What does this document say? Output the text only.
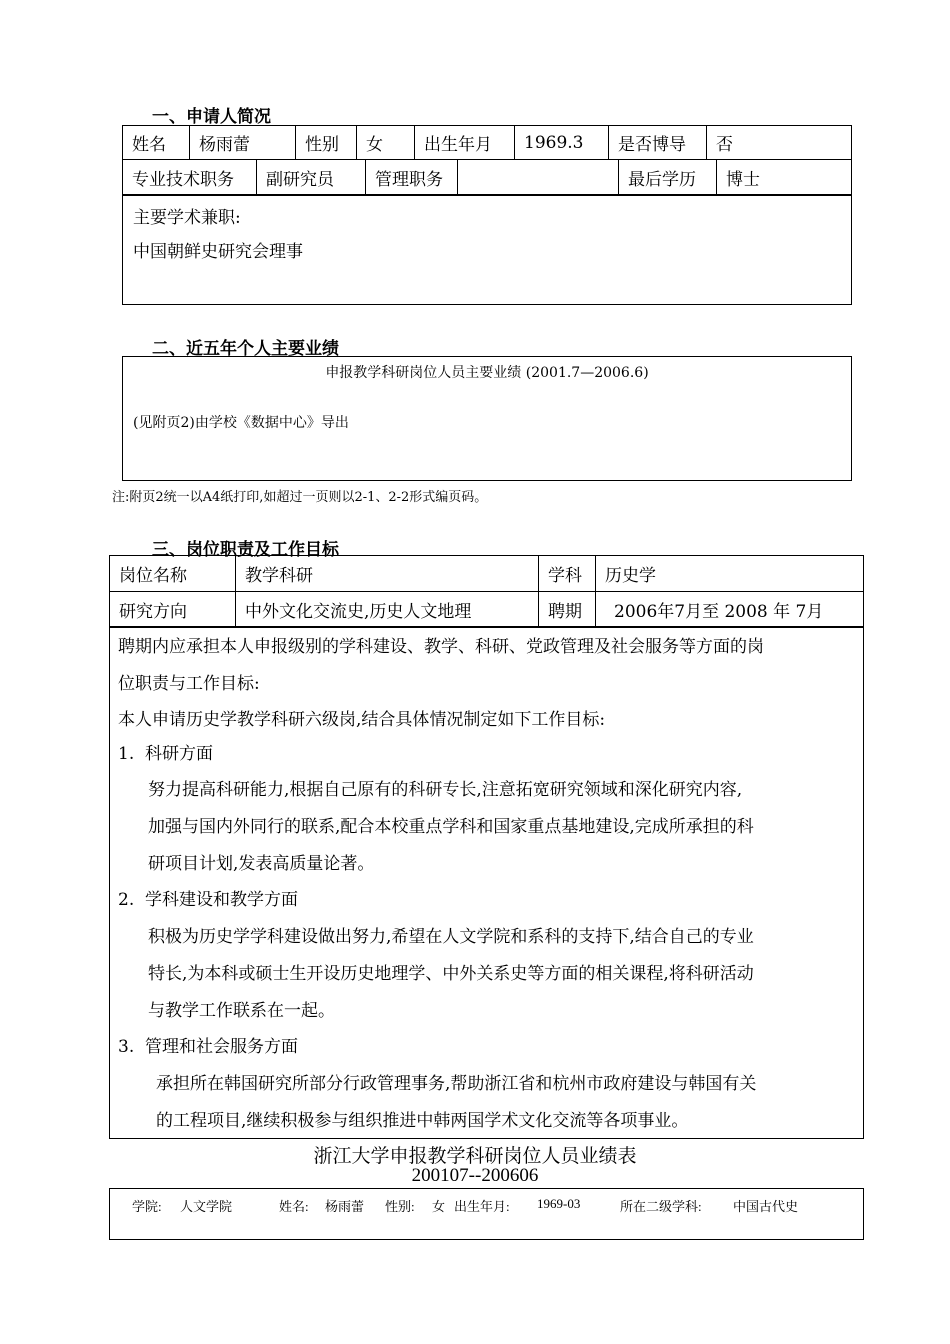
一、申请人简况
姓名	杨雨蕾	性别	女	出生年月	1969.3	是否博导	否
专业技术职务	副研究员	管理职务		最后学历	博士
主要学术兼职:
中国朝鲜史研究会理事
二、近五年个人主要业绩
申报教学科研岗位人员主要业绩 (2001.7—2006.6)
(见附页2)由学校《数据中心》导出
注:附页2统一以A4纸打印,如超过一页则以2-1、2-2形式编页码。
三、岗位职责及工作目标
岗位名称	教学科研	学科	历史学
研究方向	中外文化交流史,历史人文地理	聘期	2006年7月至 2008 年 7月
聘期内应承担本人申报级别的学科建设、教学、科研、党政管理及社会服务等方面的岗
位职责与工作目标:
本人申请历史学教学科研六级岗,结合具体情况制定如下工作目标:
1.  科研方面
努力提高科研能力,根据自己原有的科研专长,注意拓宽研究领域和深化研究内容,
加强与国内外同行的联系,配合本校重点学科和国家重点基地建设,完成所承担的科
研项目计划,发表高质量论著。
2.  学科建设和教学方面
积极为历史学学科建设做出努力,希望在人文学院和系科的支持下,结合自己的专业
特长,为本科或硕士生开设历史地理学、中外关系史等方面的相关课程,将科研活动
与教学工作联系在一起。
3.  管理和社会服务方面
承担所在韩国研究所部分行政管理事务,帮助浙江省和杭州市政府建设与韩国有关
的工程项目,继续积极参与组织推进中韩两国学术文化交流等各项事业。
浙江大学申报教学科研岗位人员业绩表
200107--200606
学院: 人文学院	姓名: 杨雨蕾 性别: 女 出生年月: 1969-03	所在二级学科: 中国古代史
